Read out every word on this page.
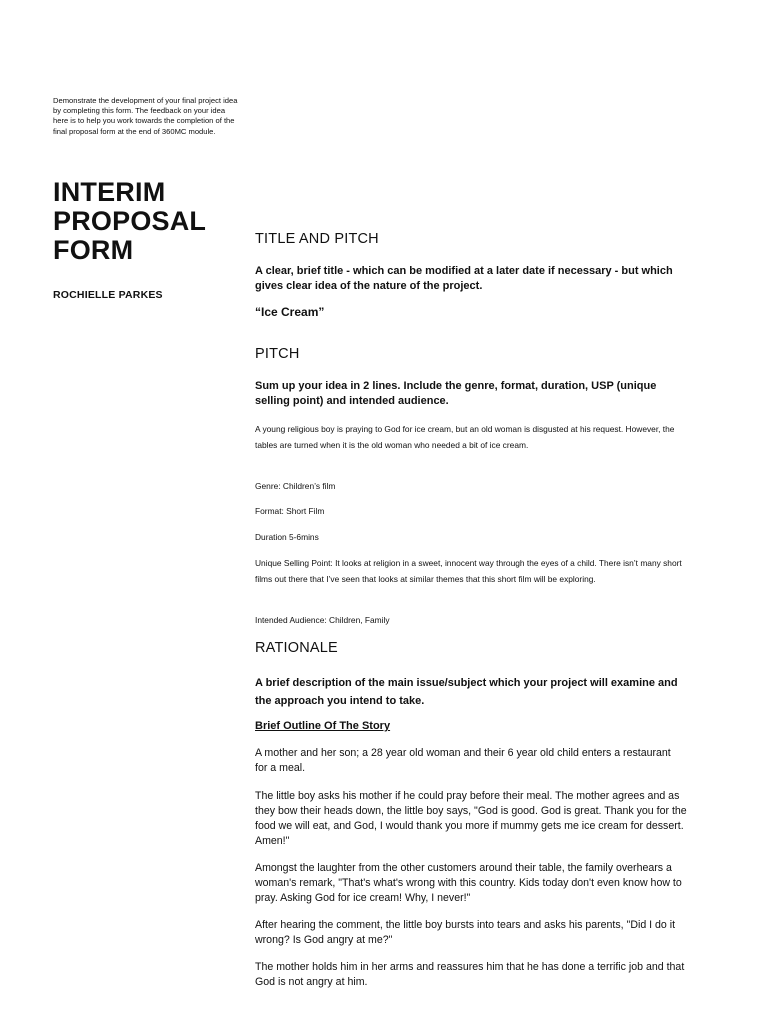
Demonstrate the development of your final project idea by completing this form. The feedback on your idea here is to help you work towards the completion of the final proposal form at the end of 360MC module.
INTERIM
PROPOSAL
FORM
ROCHIELLE PARKES
TITLE AND PITCH
A clear, brief title - which can be modified at a later date if necessary - but which gives clear idea of the nature of the project.
“Ice Cream”
PITCH
Sum up your idea in 2 lines. Include the genre, format, duration, USP (unique selling point) and intended audience.
A young religious boy is praying to God for ice cream, but an old woman is disgusted at his request. However, the tables are turned when it is the old woman who needed a bit of ice cream.
Genre: Children’s film
Format: Short Film
Duration 5-6mins
Unique Selling Point: It looks at religion in a sweet, innocent way through the eyes of a child. There isn’t many short films out there that I’ve seen that looks at similar themes that this short film will be exploring.
Intended Audience: Children, Family
RATIONALE
A brief description of the main issue/subject which your project will examine and the approach you intend to take.
Brief Outline Of The Story
A mother and her son; a 28 year old woman and their 6 year old child enters a restaurant for a meal.
The little boy asks his mother if he could pray before their meal. The mother agrees and as they bow their heads down, the little boy says, "God is good. God is great. Thank you for the food we will eat, and God, I would thank you more if mummy gets me ice cream for dessert. Amen!"
Amongst the laughter from the other customers around their table, the family overhears a woman's remark, "That's what's wrong with this country. Kids today don't even know how to pray. Asking God for ice cream! Why, I never!"
After hearing the comment, the little boy bursts into tears and asks his parents, "Did I do it wrong? Is God angry at me?"
The mother holds him in her arms and reassures him that he has done a terrific job and that God is not angry at him.
